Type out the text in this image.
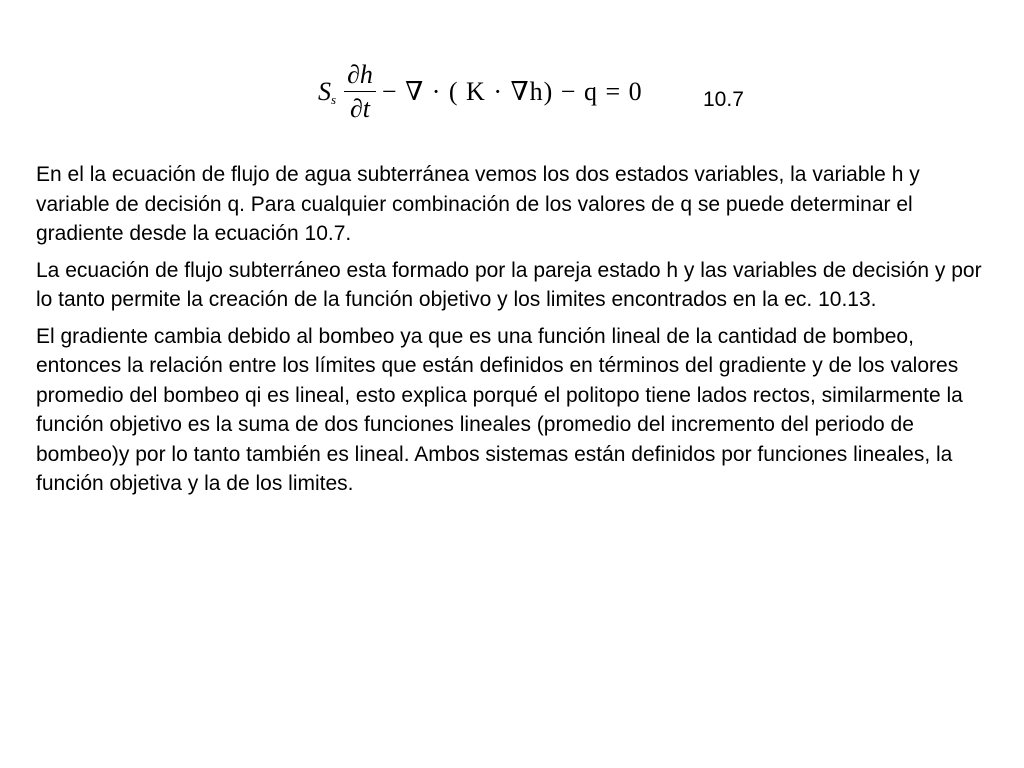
$S_s \frac{\partial h}{\partial t}$ − ∇ · ( K · ∇h) − q = 0	10.7

En el la ecuación de flujo de agua subterránea vemos los dos estados variables, la variable h y variable de decisión q. Para cualquier combinación de los valores de q se puede determinar el gradiente desde la ecuación 10.7.

La ecuación de flujo subterráneo esta formado por la pareja estado h y las variables de decisión y por lo tanto permite la creación de la función objetivo y los limites encontrados en la ec. 10.13.

El gradiente cambia debido al bombeo ya que es una función lineal de la cantidad de bombeo, entonces la relación entre los límites que están definidos en términos del gradiente y de los valores promedio del bombeo qi es lineal, esto explica porqué el politopo tiene lados rectos, similarmente la función objetivo es la suma de dos funciones lineales (promedio del incremento del periodo de bombeo)y por lo tanto también es lineal. Ambos sistemas están definidos por funciones lineales, la función objetiva y la de los limites.
